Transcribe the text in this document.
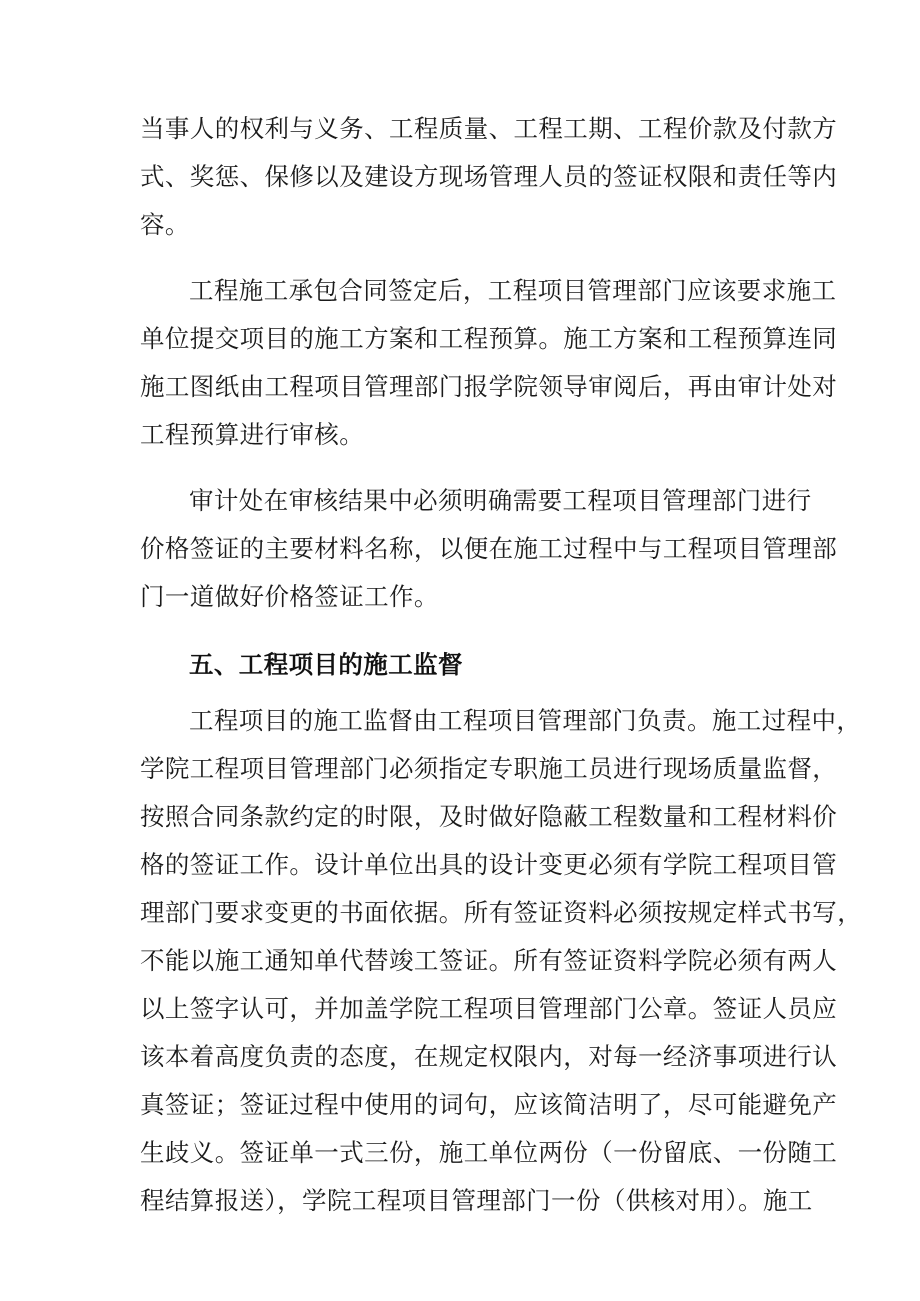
当事人的权利与义务、工程质量、工程工期、工程价款及付款方
式、奖惩、保修以及建设方现场管理人员的签证权限和责任等内
容。
工程施工承包合同签定后，工程项目管理部门应该要求施工
单位提交项目的施工方案和工程预算。施工方案和工程预算连同
施工图纸由工程项目管理部门报学院领导审阅后，再由审计处对
工程预算进行审核。
审计处在审核结果中必须明确需要工程项目管理部门进行
价格签证的主要材料名称，以便在施工过程中与工程项目管理部
门一道做好价格签证工作。
五、工程项目的施工监督
工程项目的施工监督由工程项目管理部门负责。施工过程中，
学院工程项目管理部门必须指定专职施工员进行现场质量监督，
按照合同条款约定的时限，及时做好隐蔽工程数量和工程材料价
格的签证工作。设计单位出具的设计变更必须有学院工程项目管
理部门要求变更的书面依据。所有签证资料必须按规定样式书写，
不能以施工通知单代替竣工签证。所有签证资料学院必须有两人
以上签字认可，并加盖学院工程项目管理部门公章。签证人员应
该本着高度负责的态度，在规定权限内，对每一经济事项进行认
真签证；签证过程中使用的词句，应该简洁明了，尽可能避免产
生歧义。签证单一式三份，施工单位两份（一份留底、一份随工
程结算报送），学院工程项目管理部门一份（供核对用）。施工
